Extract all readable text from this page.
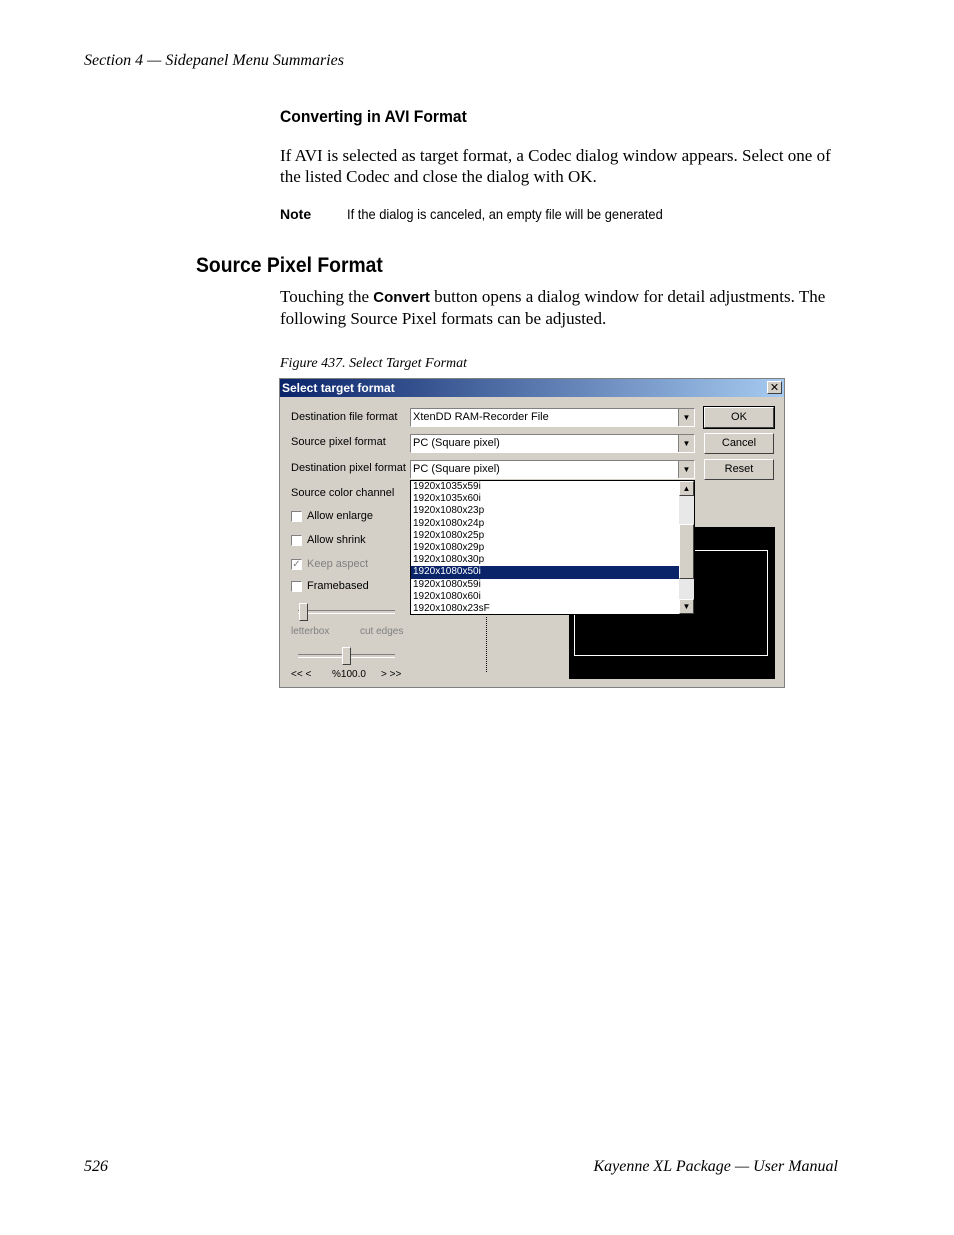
Section 4 — Sidepanel Menu Summaries
Converting in AVI Format
If AVI is selected as target format, a Codec dialog window appears. Select one of the listed Codec and close the dialog with OK.
Note	If the dialog is canceled, an empty file will be generated
Source Pixel Format
Touching the Convert button opens a dialog window for detail adjustments. The following Source Pixel formats can be adjusted.
Figure 437. Select Target Format
Select target format	✕
Destination file format XtenDD RAM-Recorder File	▼
Source pixel format PC (Square pixel)	▼
Destination pixel format PC (Square pixel)	▼
Source color channel
OK
Cancel
Reset
Allow enlarge
Allow shrink
✓ Keep aspect
Framebased
letterbox	cut edges
<< < %100.0 > >>
1920x1035x59i
1920x1035x60i
1920x1080x23p
1920x1080x24p
1920x1080x25p
1920x1080x29p
1920x1080x30p
1920x1080x50i
1920x1080x59i
1920x1080x60i
1920x1080x23sF
▲
▼
526	Kayenne XL Package — User Manual
